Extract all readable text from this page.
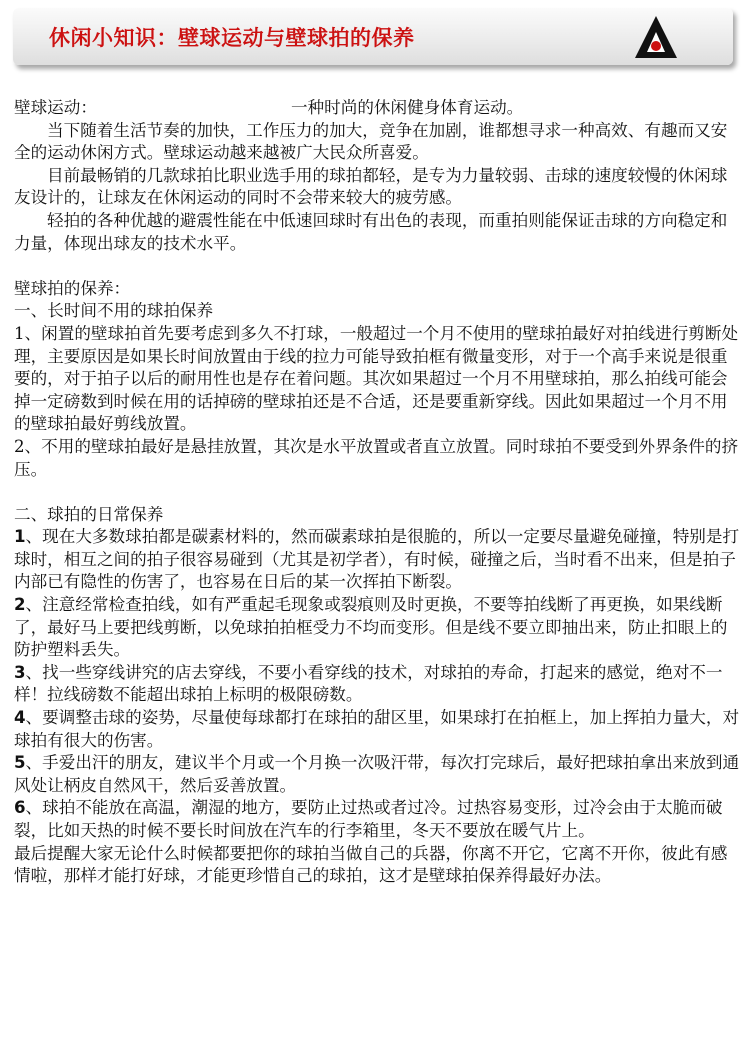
休闲小知识：壁球运动与壁球拍的保养

壁球运动：	一种时尚的休闲健身体育运动。

当下随着生活节奏的加快，工作压力的加大，竞争在加剧，谁都想寻求一种高效、有趣而又安全的运动休闲方式。壁球运动越来越被广大民众所喜爱。

目前最畅销的几款球拍比职业选手用的球拍都轻，是专为力量较弱、击球的速度较慢的休闲球友设计的，让球友在休闲运动的同时不会带来较大的疲劳感。

轻拍的各种优越的避震性能在中低速回球时有出色的表现，而重拍则能保证击球的方向稳定和力量，体现出球友的技术水平。

壁球拍的保养：

一、长时间不用的球拍保养

1、闲置的壁球拍首先要考虑到多久不打球，一般超过一个月不使用的壁球拍最好对拍线进行剪断处理，主要原因是如果长时间放置由于线的拉力可能导致拍框有微量变形，对于一个高手来说是很重要的，对于拍子以后的耐用性也是存在着问题。其次如果超过一个月不用壁球拍，那么拍线可能会掉一定磅数到时候在用的话掉磅的壁球拍还是不合适，还是要重新穿线。因此如果超过一个月不用的壁球拍最好剪线放置。

2、不用的壁球拍最好是悬挂放置，其次是水平放置或者直立放置。同时球拍不要受到外界条件的挤压。

二、球拍的日常保养

1、现在大多数球拍都是碳素材料的，然而碳素球拍是很脆的，所以一定要尽量避免碰撞，特别是打球时，相互之间的拍子很容易碰到（尤其是初学者），有时候，碰撞之后，当时看不出来，但是拍子内部已有隐性的伤害了，也容易在日后的某一次挥拍下断裂。

2、注意经常检查拍线，如有严重起毛现象或裂痕则及时更换，不要等拍线断了再更换，如果线断了，最好马上要把线剪断，以免球拍拍框受力不均而变形。但是线不要立即抽出来，防止扣眼上的防护塑料丢失。

3、找一些穿线讲究的店去穿线，不要小看穿线的技术，对球拍的寿命，打起来的感觉，绝对不一样！拉线磅数不能超出球拍上标明的极限磅数。

4、要调整击球的姿势，尽量使每球都打在球拍的甜区里，如果球打在拍框上，加上挥拍力量大，对球拍有很大的伤害。

5、手爱出汗的朋友，建议半个月或一个月换一次吸汗带，每次打完球后，最好把球拍拿出来放到通风处让柄皮自然风干，然后妥善放置。

6、球拍不能放在高温，潮湿的地方，要防止过热或者过冷。过热容易变形，过冷会由于太脆而破裂，比如天热的时候不要长时间放在汽车的行李箱里，冬天不要放在暖气片上。

最后提醒大家无论什么时候都要把你的球拍当做自己的兵器，你离不开它，它离不开你，彼此有感情啦，那样才能打好球，才能更珍惜自己的球拍，这才是壁球拍保养得最好办法。
